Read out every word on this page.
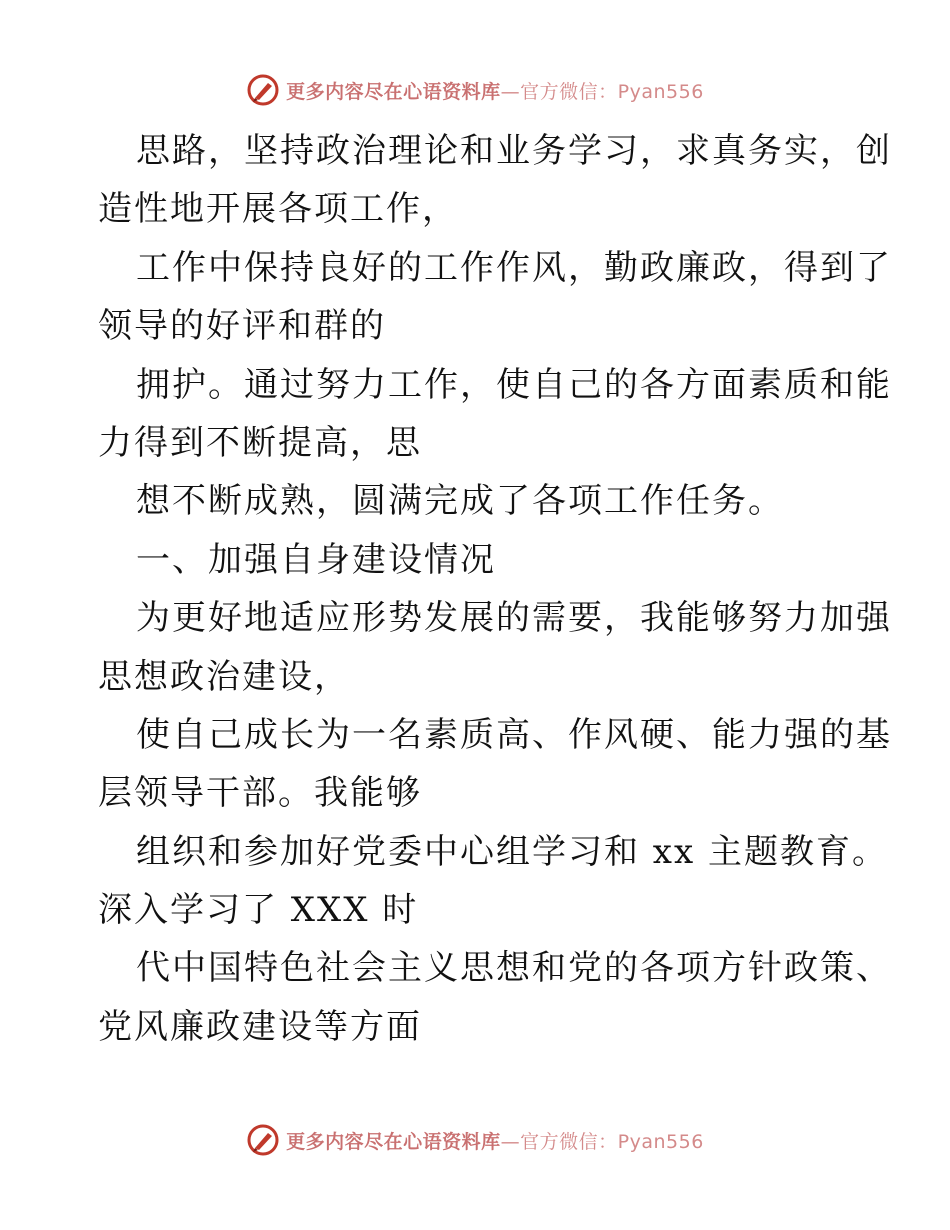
更多内容尽在心语资料库—官方微信：Pyan556
思路，坚持政治理论和业务学习，求真务实，创
造性地开展各项工作，
工作中保持良好的工作作风，勤政廉政，得到了
领导的好评和群的
拥护。通过努力工作，使自己的各方面素质和能
力得到不断提高，思
想不断成熟，圆满完成了各项工作任务。
一、加强自身建设情况
为更好地适应形势发展的需要，我能够努力加强
思想政治建设，
使自己成长为一名素质高、作风硬、能力强的基
层领导干部。我能够
组织和参加好党委中心组学习和 xx 主题教育。
深入学习了 XXX 时
代中国特色社会主义思想和党的各项方针政策、
党风廉政建设等方面
更多内容尽在心语资料库—官方微信：Pyan556
